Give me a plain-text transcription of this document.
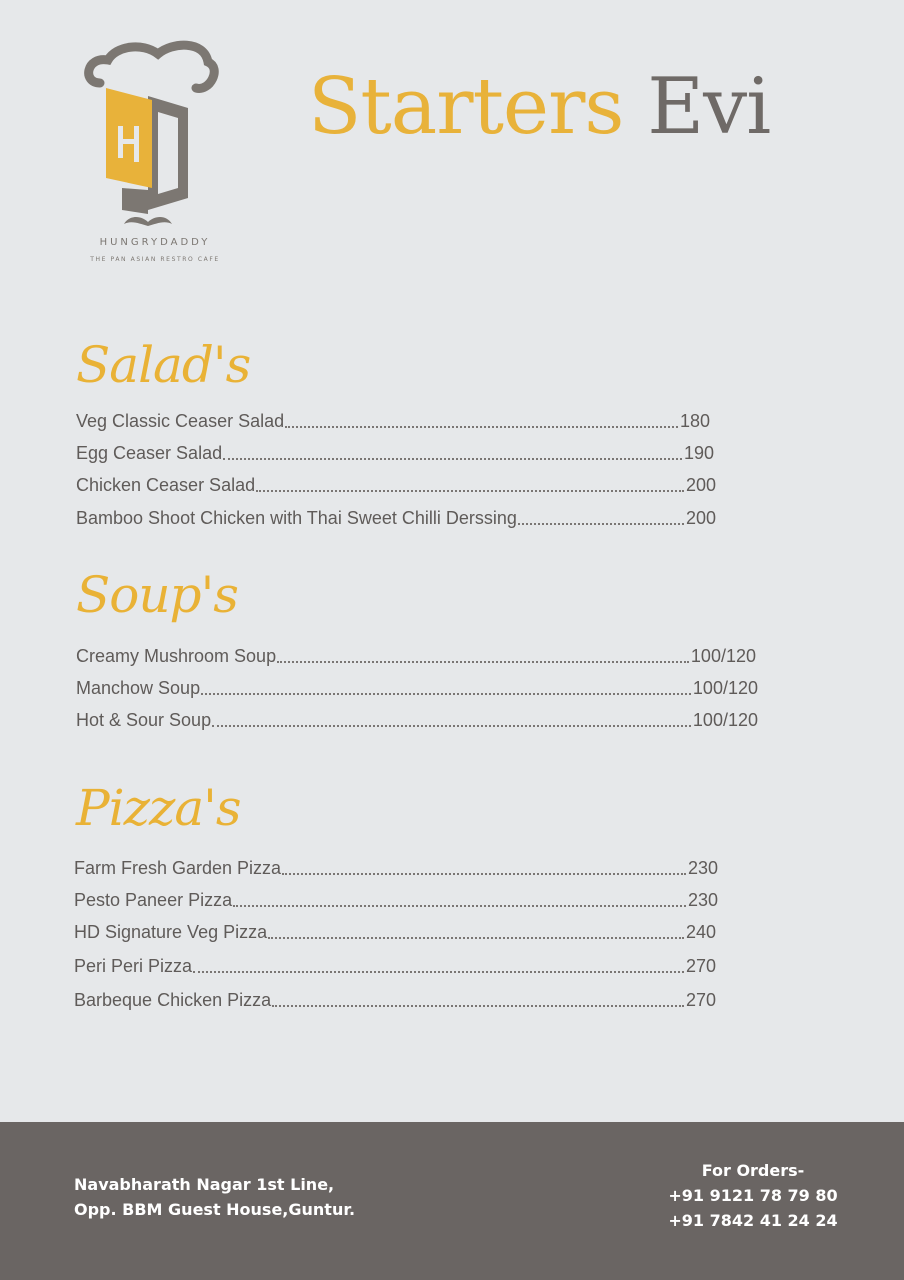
HUNGRYDADDY
THE PAN ASIAN RESTRO CAFE
Starters Evi
Salad's
Veg Classic Ceaser Salad	180
Egg Ceaser Salad	190
Chicken Ceaser Salad	200
Bamboo Shoot Chicken with Thai Sweet Chilli Derssing	200
Soup's
Creamy Mushroom Soup	100/120
Manchow Soup	100/120
Hot & Sour Soup	100/120
Pizza's
Farm Fresh Garden Pizza	230
Pesto Paneer Pizza	230
HD Signature Veg Pizza	240
Peri Peri Pizza	270
Barbeque Chicken Pizza	270
Navabharath Nagar 1st Line,
Opp. BBM Guest House,Guntur.
For Orders-
+91 9121 78 79 80
+91 7842 41 24 24
